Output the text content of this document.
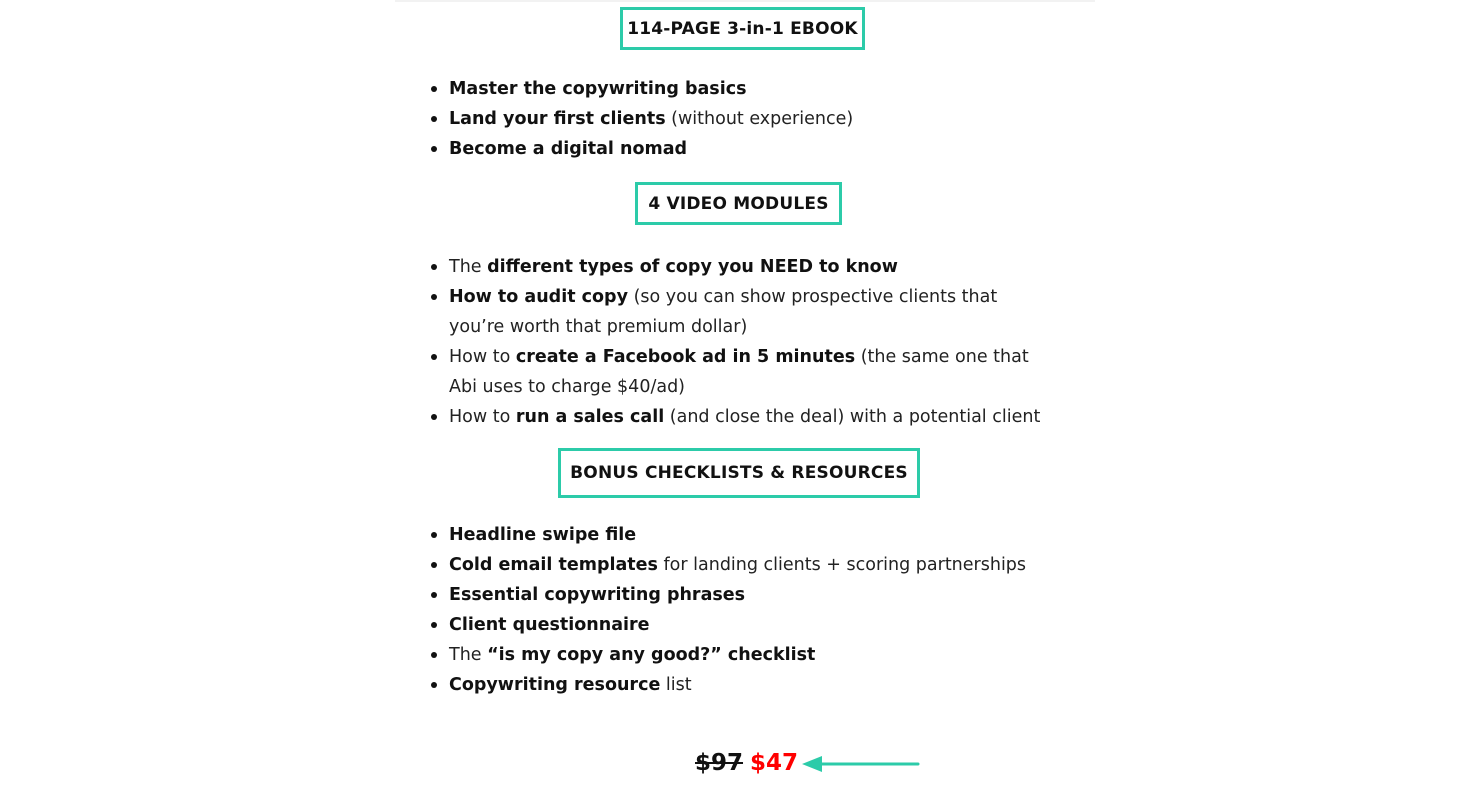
114-PAGE 3-in-1 EBOOK
Master the copywriting basics
Land your first clients (without experience)
Become a digital nomad
4 VIDEO MODULES
The different types of copy you NEED to know
How to audit copy (so you can show prospective clients that you’re worth that premium dollar)
How to create a Facebook ad in 5 minutes (the same one that Abi uses to charge $40/ad)
How to run a sales call (and close the deal) with a potential client
BONUS CHECKLISTS & RESOURCES
Headline swipe file
Cold email templates for landing clients + scoring partnerships
Essential copywriting phrases
Client questionnaire
The “is my copy any good?” checklist
Copywriting resource list
$97 $47
